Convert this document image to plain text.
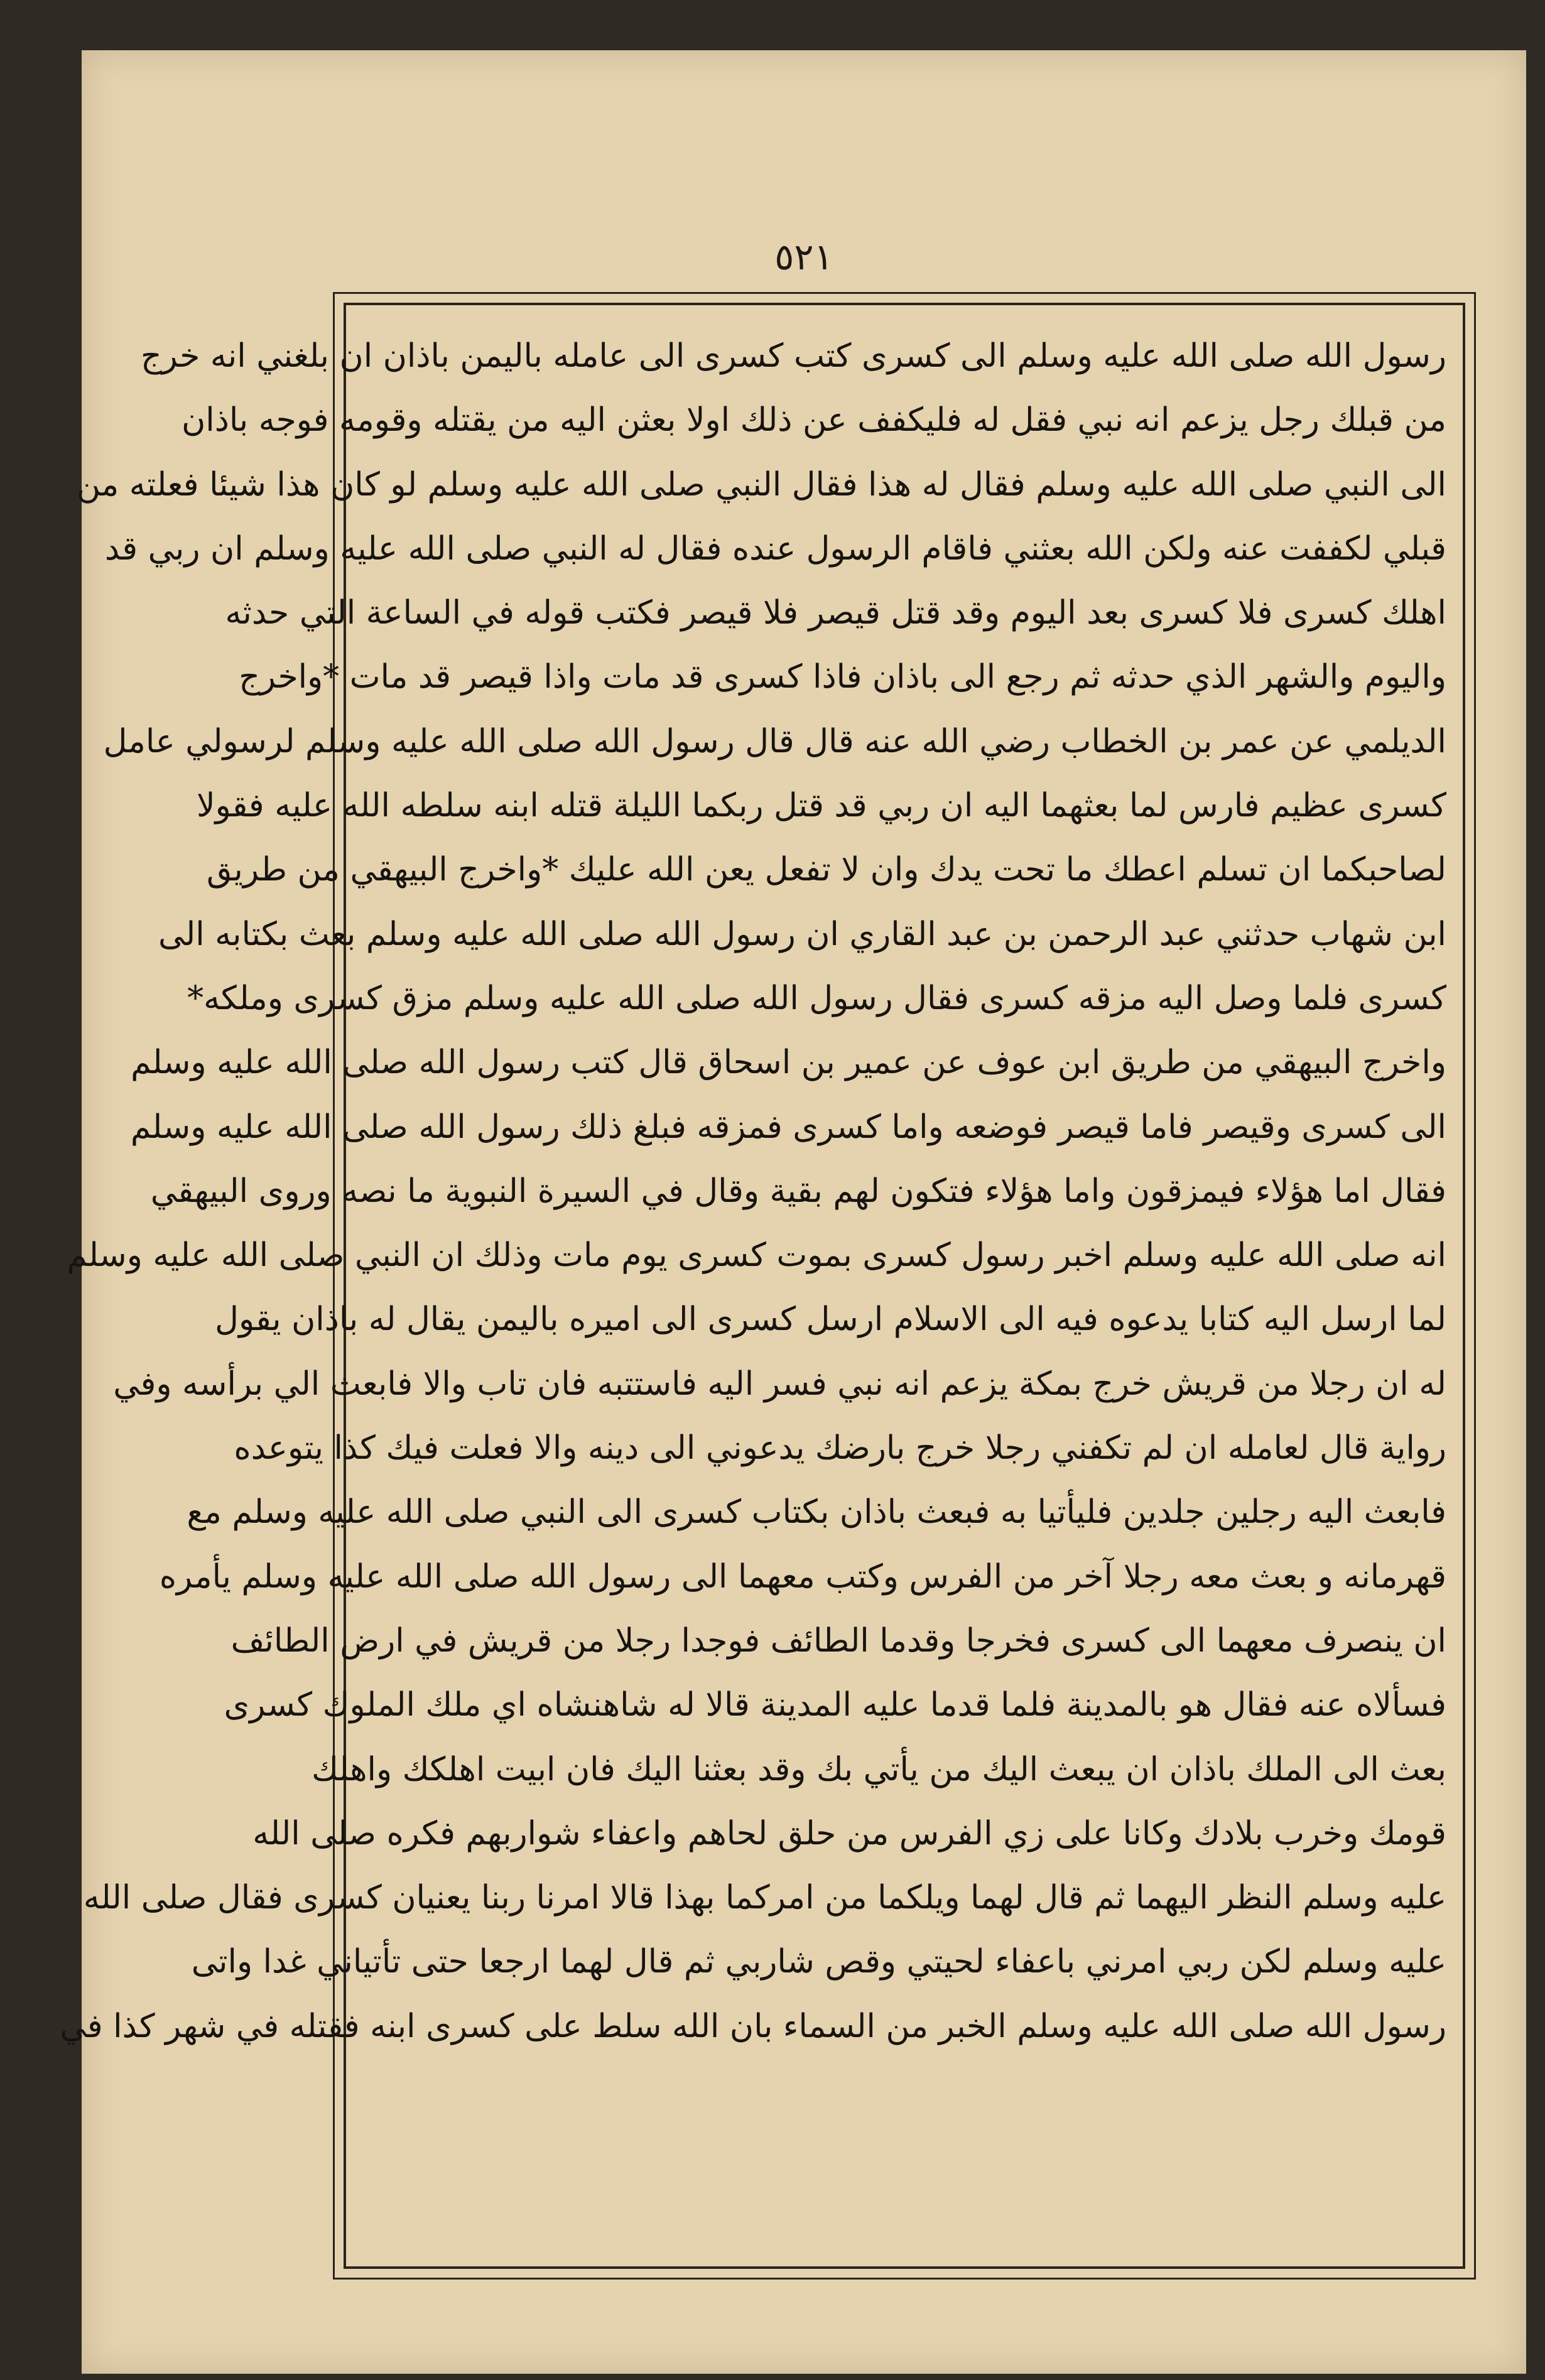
٥٢١
رسول الله صلى الله عليه وسلم الى كسرى كتب كسرى الى عامله باليمن باذان ان بلغني انه خرج
من قبلك رجل يزعم انه نبي فقل له فليكفف عن ذلك اولا بعثن اليه من يقتله وقومه فوجه باذان
الى النبي صلى الله عليه وسلم فقال له هذا فقال النبي صلى الله عليه وسلم لو كان هذا شيئا فعلته من
قبلي لكففت عنه ولكن الله بعثني فاقام الرسول عنده فقال له النبي صلى الله عليه وسلم ان ربي قد
اهلك كسرى فلا كسرى بعد اليوم وقد قتل قيصر فلا قيصر فكتب قوله في الساعة التي حدثه
واليوم والشهر الذي حدثه ثم رجع الى باذان فاذا كسرى قد مات واذا قيصر قد مات *واخرج
الديلمي عن عمر بن الخطاب رضي الله عنه قال قال رسول الله صلى الله عليه وسلم لرسولي عامل
كسرى عظيم فارس لما بعثهما اليه ان ربي قد قتل ربكما الليلة قتله ابنه سلطه الله عليه فقولا
لصاحبكما ان تسلم اعطك ما تحت يدك وان لا تفعل يعن الله عليك *واخرج البيهقي من طريق
ابن شهاب حدثني عبد الرحمن بن عبد القاري ان رسول الله صلى الله عليه وسلم بعث بكتابه الى
كسرى فلما وصل اليه مزقه كسرى فقال رسول الله صلى الله عليه وسلم مزق كسرى وملكه*
واخرج البيهقي من طريق ابن عوف عن عمير بن اسحاق قال كتب رسول الله صلى الله عليه وسلم
الى كسرى وقيصر فاما قيصر فوضعه واما كسرى فمزقه فبلغ ذلك رسول الله صلى الله عليه وسلم
فقال اما هؤلاء فيمزقون واما هؤلاء فتكون لهم بقية وقال في السيرة النبوية ما نصه وروى البيهقي
انه صلى الله عليه وسلم اخبر رسول كسرى بموت كسرى يوم مات وذلك ان النبي صلى الله عليه وسلم
لما ارسل اليه كتابا يدعوه فيه الى الاسلام ارسل كسرى الى اميره باليمن يقال له باذان يقول
له ان رجلا من قريش خرج بمكة يزعم انه نبي فسر اليه فاستتبه فان تاب والا فابعث الي برأسه وفي
رواية قال لعامله ان لم تكفني رجلا خرج بارضك يدعوني الى دينه والا فعلت فيك كذا يتوعده
فابعث اليه رجلين جلدين فليأتيا به فبعث باذان بكتاب كسرى الى النبي صلى الله عليه وسلم مع
قهرمانه و بعث معه رجلا آخر من الفرس وكتب معهما الى رسول الله صلى الله عليه وسلم يأمره
ان ينصرف معهما الى كسرى فخرجا وقدما الطائف فوجدا رجلا من قريش في ارض الطائف
فسألاه عنه فقال هو بالمدينة فلما قدما عليه المدينة قالا له شاهنشاه اي ملك الملوك كسرى
بعث الى الملك باذان ان يبعث اليك من يأتي بك وقد بعثنا اليك فان ابيت اهلكك واهلك
قومك وخرب بلادك وكانا على زي الفرس من حلق لحاهم واعفاء شواربهم فكره صلى الله
عليه وسلم النظر اليهما ثم قال لهما ويلكما من امركما بهذا قالا امرنا ربنا يعنيان كسرى فقال صلى الله
عليه وسلم لكن ربي امرني باعفاء لحيتي وقص شاربي ثم قال لهما ارجعا حتى تأتياني غدا واتى
رسول الله صلى الله عليه وسلم الخبر من السماء بان الله سلط على كسرى ابنه فقتله في شهر كذا في
